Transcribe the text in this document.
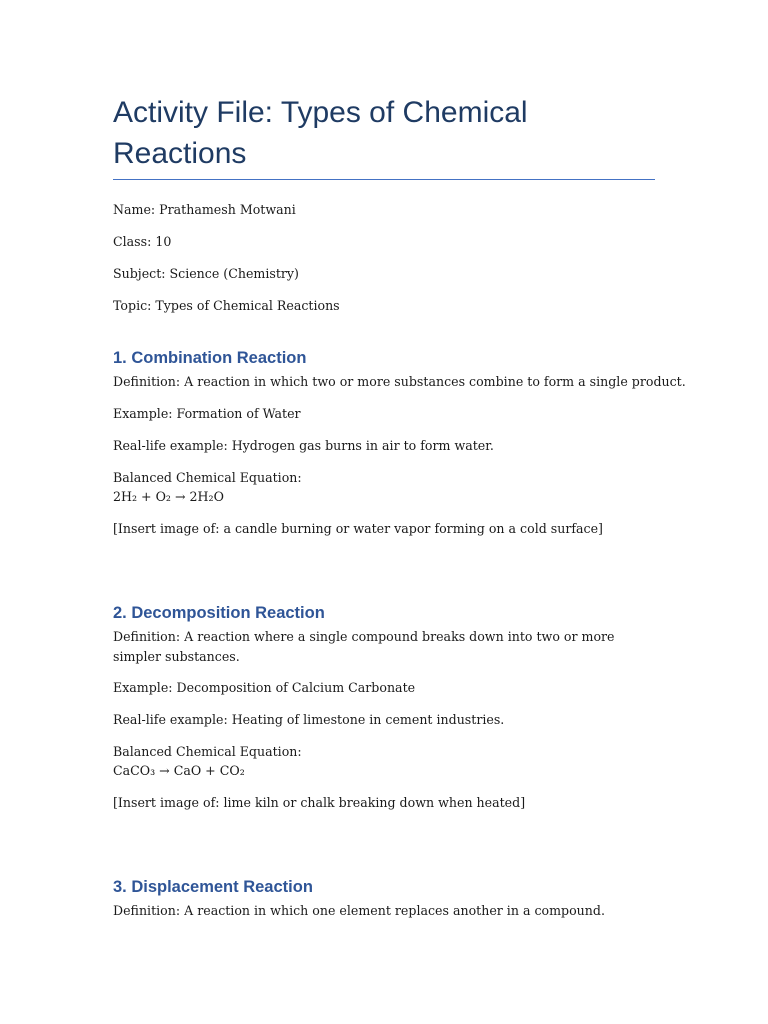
Activity File: Types of Chemical Reactions

Name: Prathamesh Motwani

Class: 10

Subject: Science (Chemistry)

Topic: Types of Chemical Reactions

1. Combination Reaction

Definition: A reaction in which two or more substances combine to form a single product.

Example: Formation of Water

Real-life example: Hydrogen gas burns in air to form water.

Balanced Chemical Equation:

2H₂ + O₂ → 2H₂O

[Insert image of: a candle burning or water vapor forming on a cold surface]

2. Decomposition Reaction

Definition: A reaction where a single compound breaks down into two or more simpler substances.

Example: Decomposition of Calcium Carbonate

Real-life example: Heating of limestone in cement industries.

Balanced Chemical Equation:

CaCO₃ → CaO + CO₂

[Insert image of: lime kiln or chalk breaking down when heated]

3. Displacement Reaction

Definition: A reaction in which one element replaces another in a compound.
